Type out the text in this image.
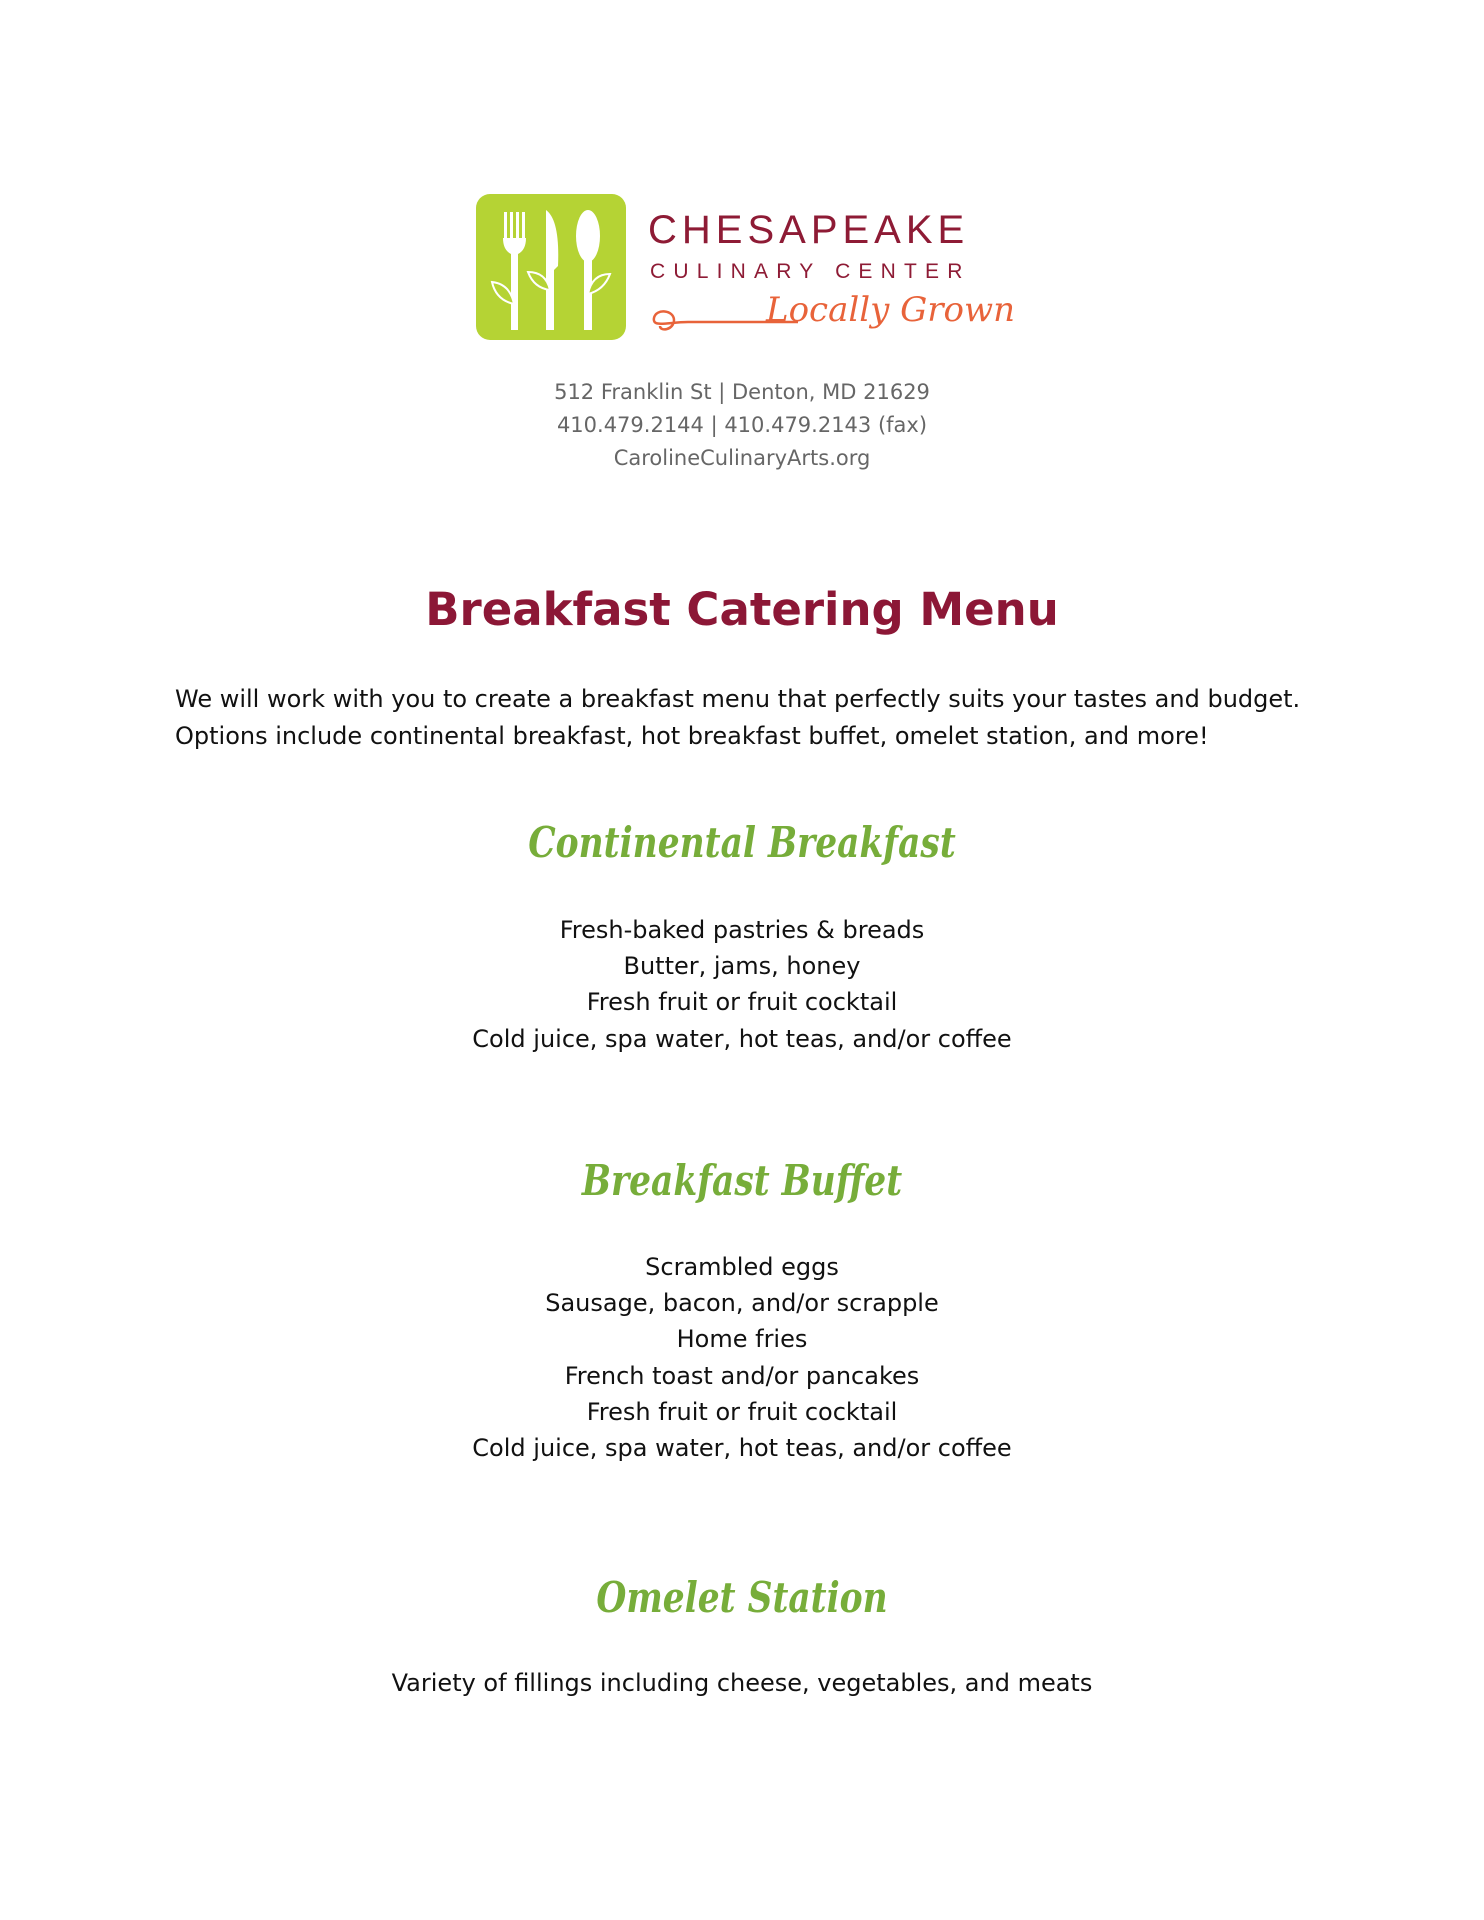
CHESAPEAKE
CULINARY CENTER
Locally Grown
512 Franklin St | Denton, MD 21629
410.479.2144 | 410.479.2143 (fax)
CarolineCulinaryArts.org
Breakfast Catering Menu
We will work with you to create a breakfast menu that perfectly suits your tastes and budget.
Options include continental breakfast, hot breakfast buffet, omelet station, and more!
Continental Breakfast
Fresh-baked pastries & breads
Butter, jams, honey
Fresh fruit or fruit cocktail
Cold juice, spa water, hot teas, and/or coffee
Breakfast Buffet
Scrambled eggs
Sausage, bacon, and/or scrapple
Home fries
French toast and/or pancakes
Fresh fruit or fruit cocktail
Cold juice, spa water, hot teas, and/or coffee
Omelet Station
Variety of fillings including cheese, vegetables, and meats
